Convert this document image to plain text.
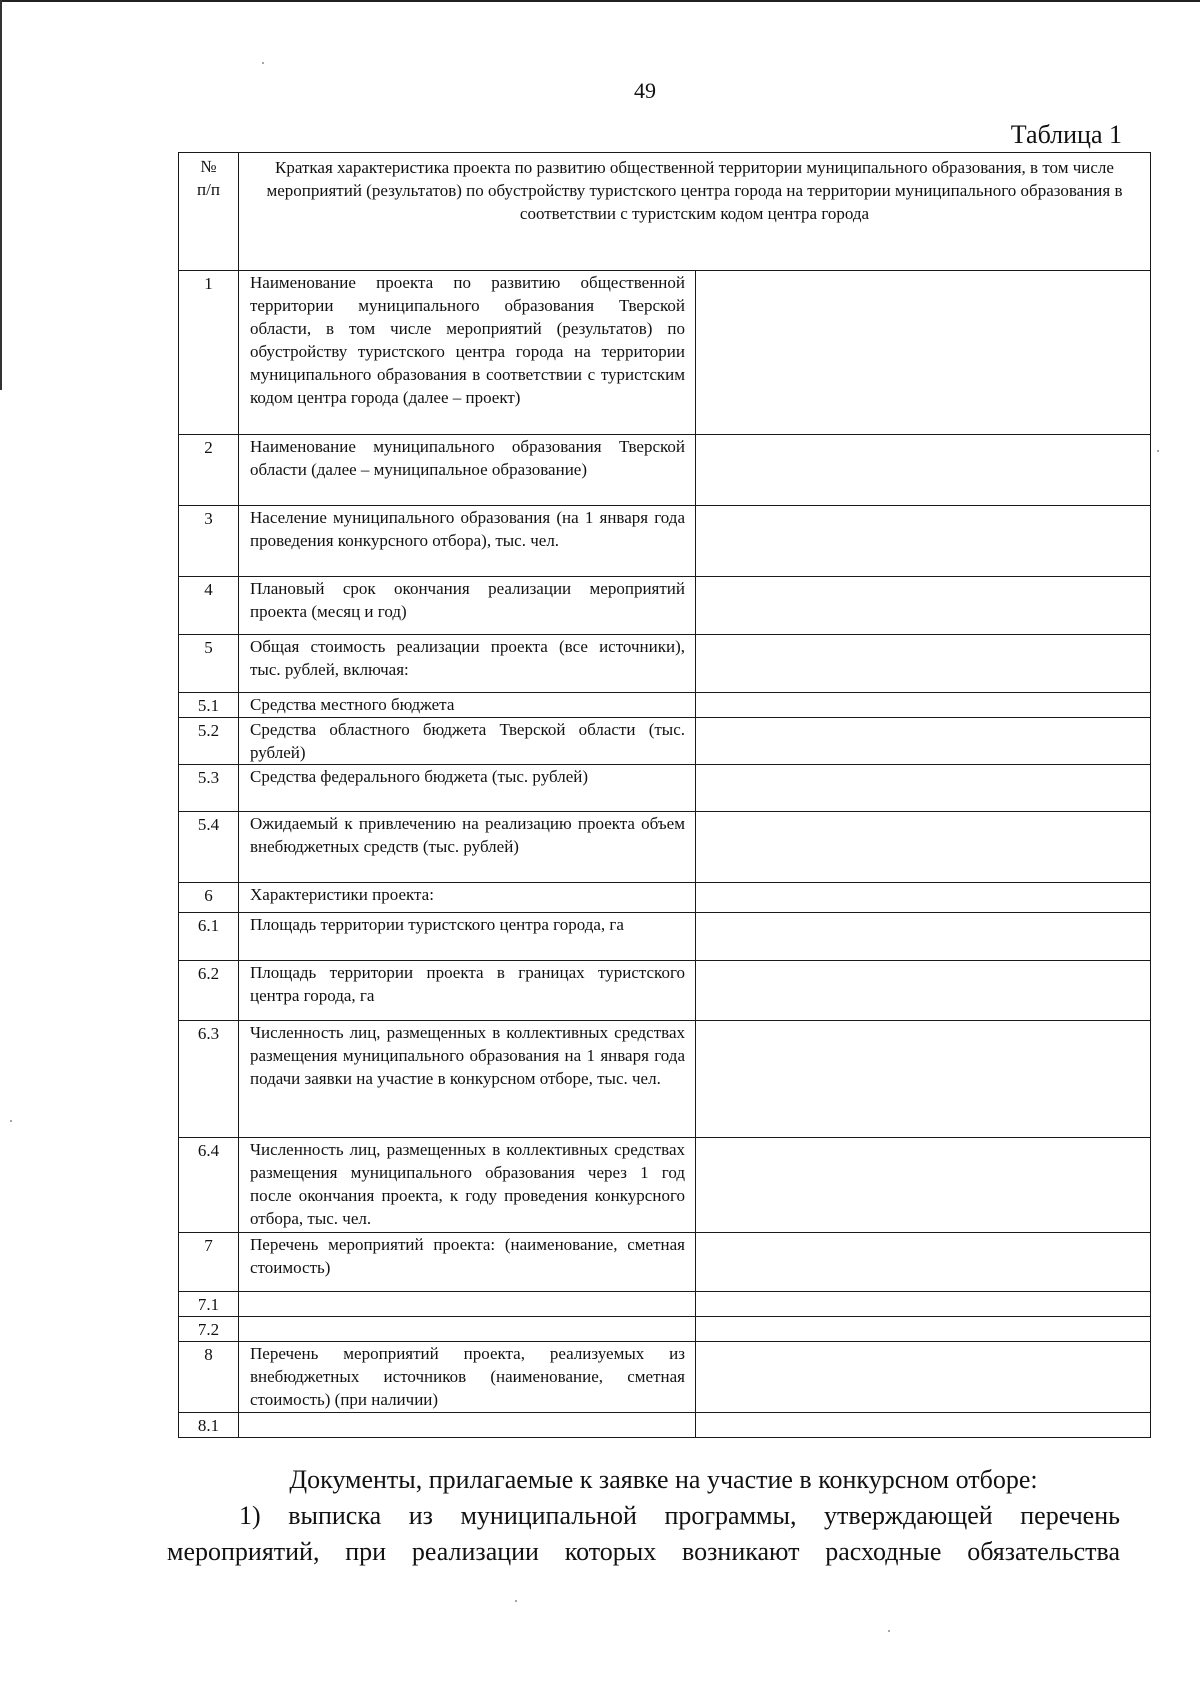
49
Таблица 1
№ п/п	Краткая характеристика проекта по развитию общественной территории муниципального образования, в том числе мероприятий (результатов) по обустройству туристского центра города на территории муниципального образования в соответствии с туристским кодом центра города	
1	Наименование проекта по развитию общественной территории муниципального образования Тверской области, в том числе мероприятий (результатов) по обустройству туристского центра города на территории муниципального образования в соответствии с туристским кодом центра города (далее – проект)	
2	Наименование муниципального образования Тверской области (далее – муниципальное образование)	
3	Население муниципального образования (на 1 января года проведения конкурсного отбора), тыс. чел.	
4	Плановый срок окончания реализации мероприятий проекта (месяц и год)	
5	Общая стоимость реализации проекта (все источники), тыс. рублей, включая:	
5.1	Средства местного бюджета	
5.2	Средства областного бюджета Тверской области (тыс. рублей)	
5.3	Средства федерального бюджета (тыс. рублей)	
5.4	Ожидаемый к привлечению на реализацию проекта объем внебюджетных средств (тыс. рублей)	
6	Характеристики проекта:	
6.1	Площадь территории туристского центра города, га	
6.2	Площадь территории проекта в границах туристского центра города, га	
6.3	Численность лиц, размещенных в коллективных средствах размещения муниципального образования на 1 января года подачи заявки на участие в конкурсном отборе, тыс. чел.	
6.4	Численность лиц, размещенных в коллективных средствах размещения муниципального образования через 1 год после окончания проекта, к году проведения конкурсного отбора, тыс. чел.	
7	Перечень мероприятий проекта: (наименование, сметная стоимость)	
7.1		
7.2		
8	Перечень мероприятий проекта, реализуемых из внебюджетных источников (наименование, сметная стоимость) (при наличии)	
8.1		
Документы, прилагаемые к заявке на участие в конкурсном отборе:
1) выписка из муниципальной программы, утверждающей перечень
мероприятий, при реализации которых возникают расходные обязательства
